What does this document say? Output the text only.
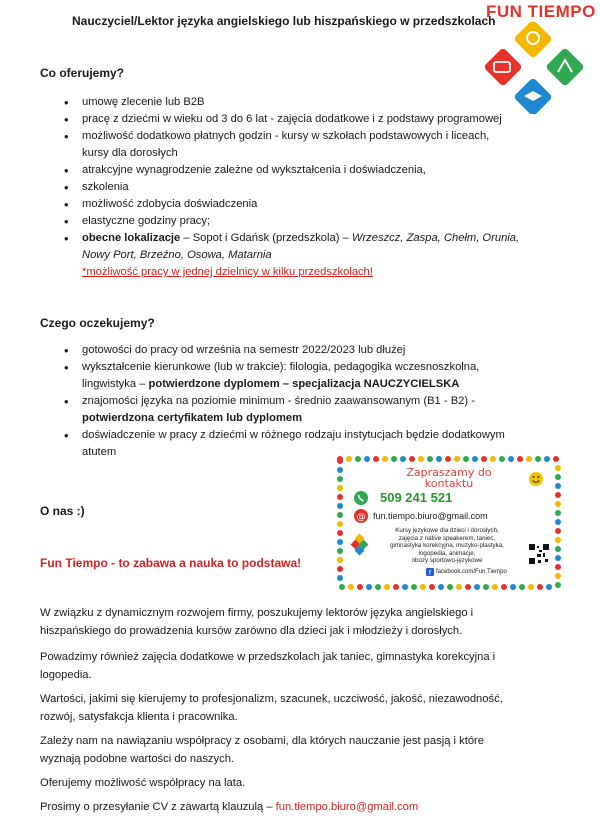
Nauczyciel/Lektor języka angielskiego lub hiszpańskiego w przedszkolach
FUN TIEMPO
Co oferujemy?
• umowę zlecenie lub B2B
• pracę z dziećmi w wieku od 3 do 6 lat - zajęcia dodatkowe i z podstawy programowej
• możliwość dodatkowo płatnych godzin - kursy w szkołach podstawowych i liceach,
kursy dla dorosłych
• atrakcyjne wynagrodzenie zależne od wykształcenia i doświadczenia,
• szkolenia
• możliwość zdobycia doświadczenia
• elastyczne godziny pracy;
• obecne lokalizacje – Sopot i Gdańsk (przedszkola) – Wrzeszcz, Zaspa, Chełm, Orunia,
Nowy Port, Brzeźno, Osowa, Matarnia
*możliwość pracy w jednej dzielnicy w kilku przedszkolach!
Czego oczekujemy?
• gotowości do pracy od września na semestr 2022/2023 lub dłużej
• wykształcenie kierunkowe (lub w trakcie): filologia, pedagogika wczesnoszkolna,
lingwistyka – potwierdzone dyplomem – specjalizacja NAUCZYCIELSKA
• znajomości języka na poziomie minimum - średnio zaawansowanym (B1 - B2) -
potwierdzona certyfikatem lub dyplomem
• doświadczenie w pracy z dziećmi w różnego rodzaju instytucjach będzie dodatkowym
atutem
O nas :)
Fun Tiempo - to zabawa a nauka to podstawa!
Zapraszamy do
kontaktu
509 241 521
@ fun.tiempo.biuro@gmail.com
Kursy językowe dla dzieci i dorosłych,
zajęcia z native speakerem, taniec,
gimnastyka korekcyjna, muzyko-plastyka,
logopedia, animacje,
obozy sportowo-językowe
f facebook.com/Fun.Tiempo
W związku z dynamicznym rozwojem firmy, poszukujemy lektorów języka angielskiego i
hiszpańskiego do prowadzenia kursów zarówno dla dzieci jak i młodzieży i dorosłych.
Powadzimy również zajęcia dodatkowe w przedszkolach jak taniec, gimnastyka korekcyjna i
logopedia.
Wartości, jakimi się kierujemy to profesjonalizm, szacunek, uczciwość, jakość, niezawodność,
rozwój, satysfakcja klienta i pracownika.
Zależy nam na nawiązaniu współpracy z osobami, dla których nauczanie jest pasją i które
wyznają podobne wartości do naszych.
Oferujemy możliwość współpracy na lata.
Prosimy o przesyłanie CV z zawartą klauzulą – fun.tiempo.biuro@gmail.com
